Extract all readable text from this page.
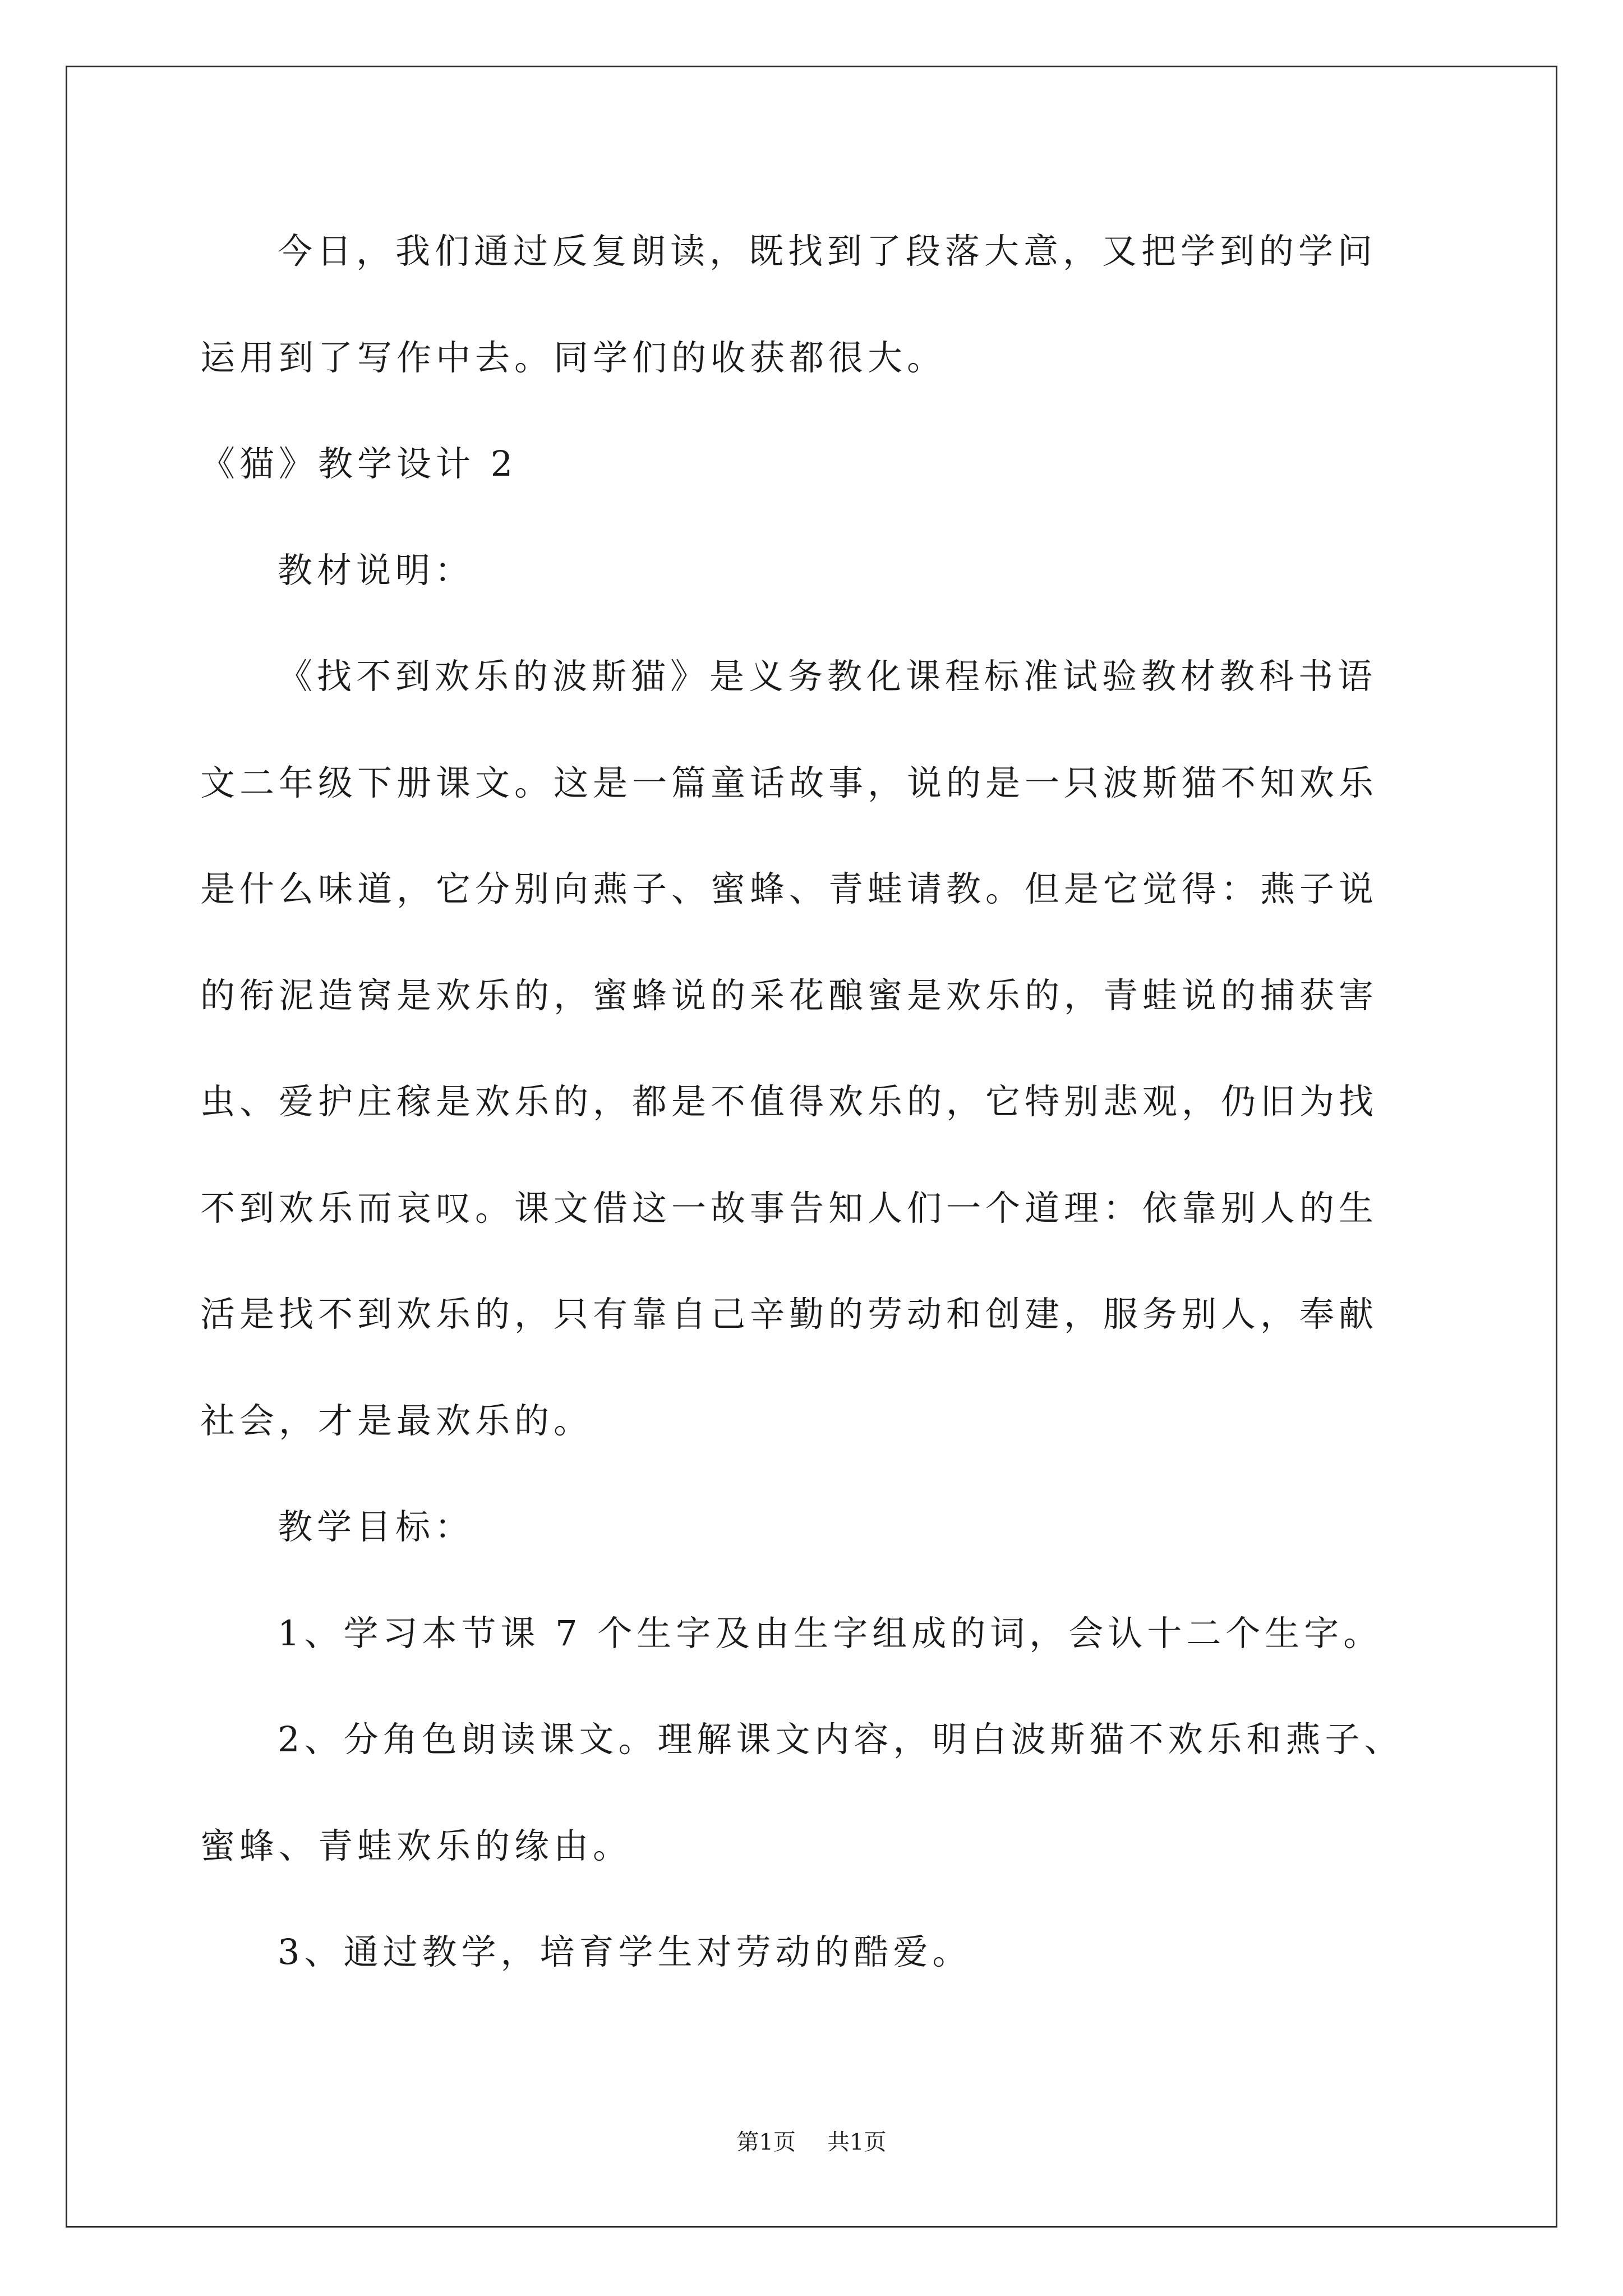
今日，我们通过反复朗读，既找到了段落大意，又把学到的学问
运用到了写作中去。同学们的收获都很大。
《猫》教学设计 2
教材说明：
《找不到欢乐的波斯猫》是义务教化课程标准试验教材教科书语
文二年级下册课文。这是一篇童话故事，说的是一只波斯猫不知欢乐
是什么味道，它分别向燕子、蜜蜂、青蛙请教。但是它觉得：燕子说
的衔泥造窝是欢乐的，蜜蜂说的采花酿蜜是欢乐的，青蛙说的捕获害
虫、爱护庄稼是欢乐的，都是不值得欢乐的，它特别悲观，仍旧为找
不到欢乐而哀叹。课文借这一故事告知人们一个道理：依靠别人的生
活是找不到欢乐的，只有靠自己辛勤的劳动和创建，服务别人，奉献
社会，才是最欢乐的。
教学目标：
1、学习本节课 7 个生字及由生字组成的词，会认十二个生字。
2、分角色朗读课文。理解课文内容，明白波斯猫不欢乐和燕子、
蜜蜂、青蛙欢乐的缘由。
3、通过教学，培育学生对劳动的酷爱。
第1页 共1页
